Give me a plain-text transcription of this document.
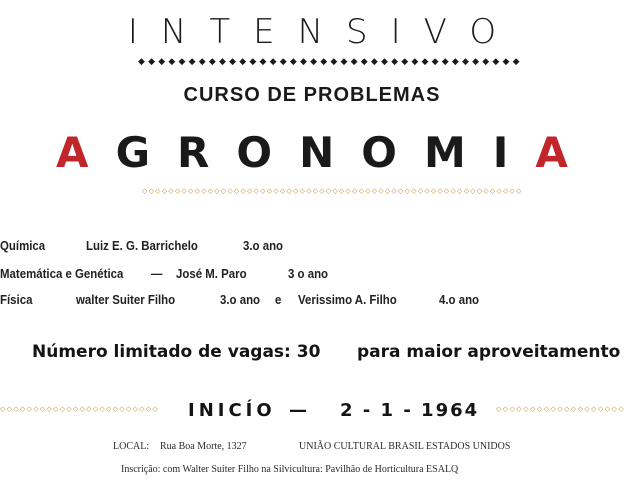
INTENSIVO
◆ ◆ ◆ ◆ ◆ ◆ ◆ ◆ ◆ ◆ ◆ ◆ ◆ ◆ ◆ ◆ ◆ ◆ ◆ ◆ ◆ ◆ ◆ ◆ ◆ ◆ ◆ ◆ ◆ ◆ ◆ ◆ ◆ ◆ ◆ ◆ ◆ ◆
CURSO DE PROBLEMAS
AGRONOMIA
◇ ◇ ◇ ◇ ◇ ◇ ◇ ◇ ◇ ◇ ◇ ◇ ◇ ◇ ◇ ◇ ◇ ◇ ◇ ◇ ◇ ◇ ◇ ◇ ◇ ◇ ◇ ◇ ◇ ◇ ◇ ◇ ◇ ◇ ◇ ◇ ◇ ◇ ◇ ◇ ◇ ◇ ◇ ◇ ◇ ◇ ◇ ◇ ◇ ◇ ◇ ◇ ◇ ◇ ◇ ◇ ◇ ◇
Química	Luiz E. G. Barrichelo	3.o ano
Matemática e Genética — José M. Paro	3 o ano
Física	walter Suiter Filho	3.o ano e Verissimo A. Filho	4.o ano
Número limitado de vagas: 30 para maior aproveitamento
◇ ◇ ◇ ◇ ◇ ◇ ◇ ◇ ◇ ◇ ◇ ◇ ◇ ◇ ◇ ◇ ◇ ◇ ◇ ◇ ◇ ◇ ◇ ◇ INICÍO — 2 - 1 - 1964 ◇ ◇ ◇ ◇ ◇ ◇ ◇ ◇ ◇ ◇ ◇ ◇ ◇ ◇ ◇ ◇ ◇ ◇ ◇
LOCAL: Rua Boa Morte, 1327	UNIÃO CULTURAL BRASIL ESTADOS UNIDOS
Inscrição: com Walter Suiter Filho na Silvicultura: Pavilhão de Horticultura ESALQ
